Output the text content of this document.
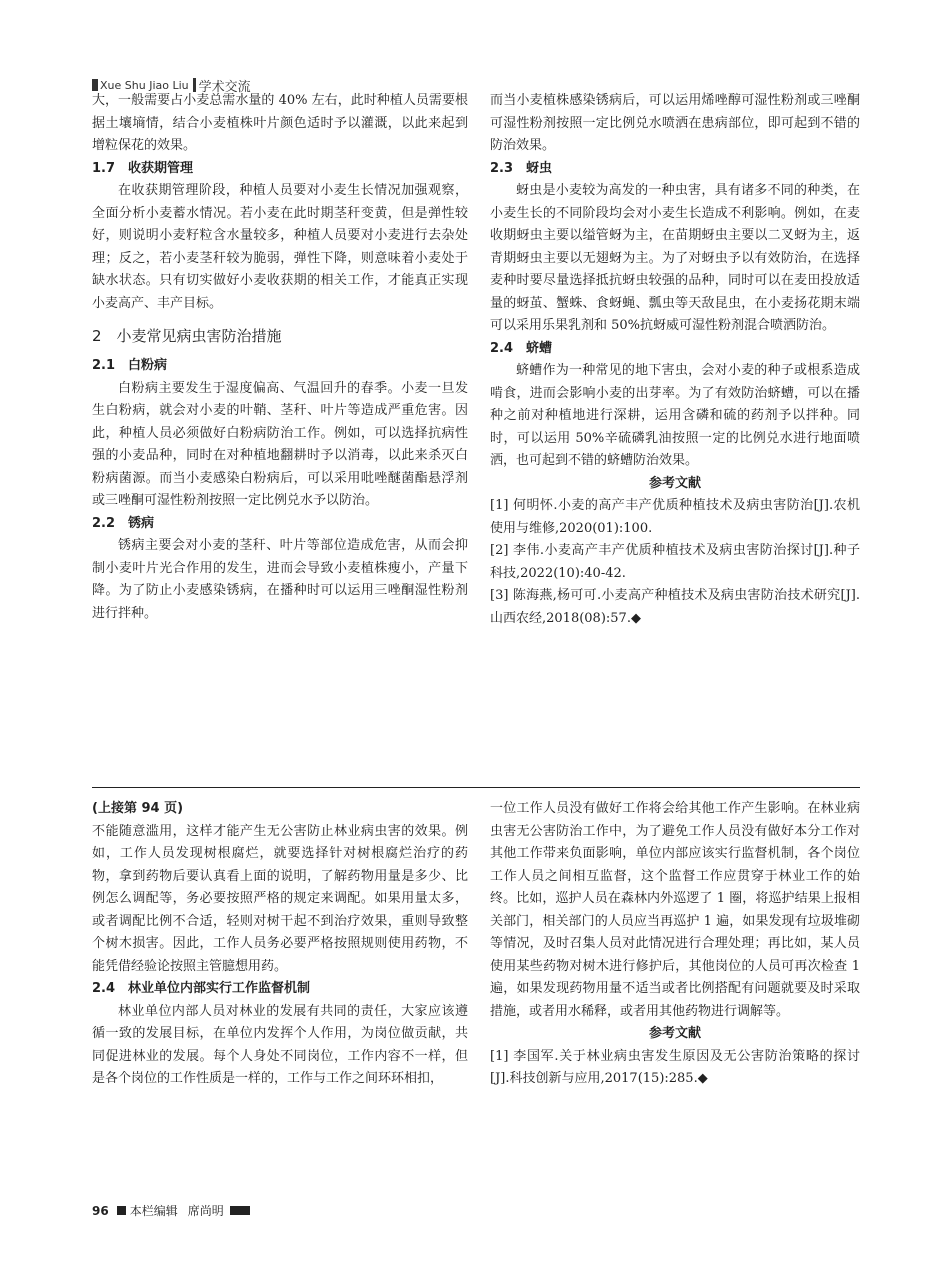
Xue Shu Jiao Liu 学术交流

大，一般需要占小麦总需水量的 40% 左右，此时种植人员需要根据土壤墒情，结合小麦植株叶片颜色适时予以灌溉，以此来起到增粒保花的效果。

1.7　收获期管理

在收获期管理阶段，种植人员要对小麦生长情况加强观察，全面分析小麦蓄水情况。若小麦在此时期茎秆变黄，但是弹性较好，则说明小麦籽粒含水量较多，种植人员要对小麦进行去杂处理；反之，若小麦茎秆较为脆弱，弹性下降，则意味着小麦处于缺水状态。只有切实做好小麦收获期的相关工作，才能真正实现小麦高产、丰产目标。

2　小麦常见病虫害防治措施

2.1　白粉病

白粉病主要发生于湿度偏高、气温回升的春季。小麦一旦发生白粉病，就会对小麦的叶鞘、茎秆、叶片等造成严重危害。因此，种植人员必须做好白粉病防治工作。例如，可以选择抗病性强的小麦品种，同时在对种植地翻耕时予以消毒，以此来杀灭白粉病菌源。而当小麦感染白粉病后，可以采用吡唑醚菌酯悬浮剂或三唑酮可湿性粉剂按照一定比例兑水予以防治。

2.2　锈病

锈病主要会对小麦的茎秆、叶片等部位造成危害，从而会抑制小麦叶片光合作用的发生，进而会导致小麦植株瘦小，产量下降。为了防止小麦感染锈病，在播种时可以运用三唑酮湿性粉剂进行拌种。

而当小麦植株感染锈病后，可以运用烯唑醇可湿性粉剂或三唑酮可湿性粉剂按照一定比例兑水喷洒在患病部位，即可起到不错的防治效果。

2.3　蚜虫

蚜虫是小麦较为高发的一种虫害，具有诸多不同的种类，在小麦生长的不同阶段均会对小麦生长造成不利影响。例如，在麦收期蚜虫主要以缢管蚜为主，在苗期蚜虫主要以二叉蚜为主，返青期蚜虫主要以无翅蚜为主。为了对蚜虫予以有效防治，在选择麦种时要尽量选择抵抗蚜虫较强的品种，同时可以在麦田投放适量的蚜茧、蟹蛛、食蚜蝇、瓢虫等天敌昆虫，在小麦扬花期末端可以采用乐果乳剂和 50%抗蚜威可湿性粉剂混合喷洒防治。

2.4　蛴螬

蛴螬作为一种常见的地下害虫，会对小麦的种子或根系造成啃食，进而会影响小麦的出芽率。为了有效防治蛴螬，可以在播种之前对种植地进行深耕，运用含磷和硫的药剂予以拌种。同时，可以运用 50%辛硫磷乳油按照一定的比例兑水进行地面喷洒，也可起到不错的蛴螬防治效果。

参考文献

[1] 何明怀.小麦的高产丰产优质种植技术及病虫害防治[J].农机使用与维修,2020(01):100.

[2] 李伟.小麦高产丰产优质种植技术及病虫害防治探讨[J].种子科技,2022(10):40-42.

[3] 陈海燕,杨可可.小麦高产种植技术及病虫害防治技术研究[J].山西农经,2018(08):57.◆

(上接第 94 页)

不能随意滥用，这样才能产生无公害防止林业病虫害的效果。例如，工作人员发现树根腐烂，就要选择针对树根腐烂治疗的药物，拿到药物后要认真看上面的说明，了解药物用量是多少、比例怎么调配等，务必要按照严格的规定来调配。如果用量太多，或者调配比例不合适，轻则对树干起不到治疗效果，重则导致整个树木损害。因此，工作人员务必要严格按照规则使用药物，不能凭借经验论按照主管臆想用药。

2.4　林业单位内部实行工作监督机制

林业单位内部人员对林业的发展有共同的责任，大家应该遵循一致的发展目标，在单位内发挥个人作用，为岗位做贡献，共同促进林业的发展。每个人身处不同岗位，工作内容不一样，但是各个岗位的工作性质是一样的，工作与工作之间环环相扣，

一位工作人员没有做好工作将会给其他工作产生影响。在林业病虫害无公害防治工作中，为了避免工作人员没有做好本分工作对其他工作带来负面影响，单位内部应该实行监督机制，各个岗位工作人员之间相互监督，这个监督工作应贯穿于林业工作的始终。比如，巡护人员在森林内外巡逻了 1 圈，将巡护结果上报相关部门，相关部门的人员应当再巡护 1 遍，如果发现有垃圾堆砌等情况，及时召集人员对此情况进行合理处理；再比如，某人员使用某些药物对树木进行修护后，其他岗位的人员可再次检查 1 遍，如果发现药物用量不适当或者比例搭配有问题就要及时采取措施，或者用水稀释，或者用其他药物进行调解等。

参考文献

[1] 李国军.关于林业病虫害发生原因及无公害防治策略的探讨[J].科技创新与应用,2017(15):285.◆

96 本栏编辑 席尚明
